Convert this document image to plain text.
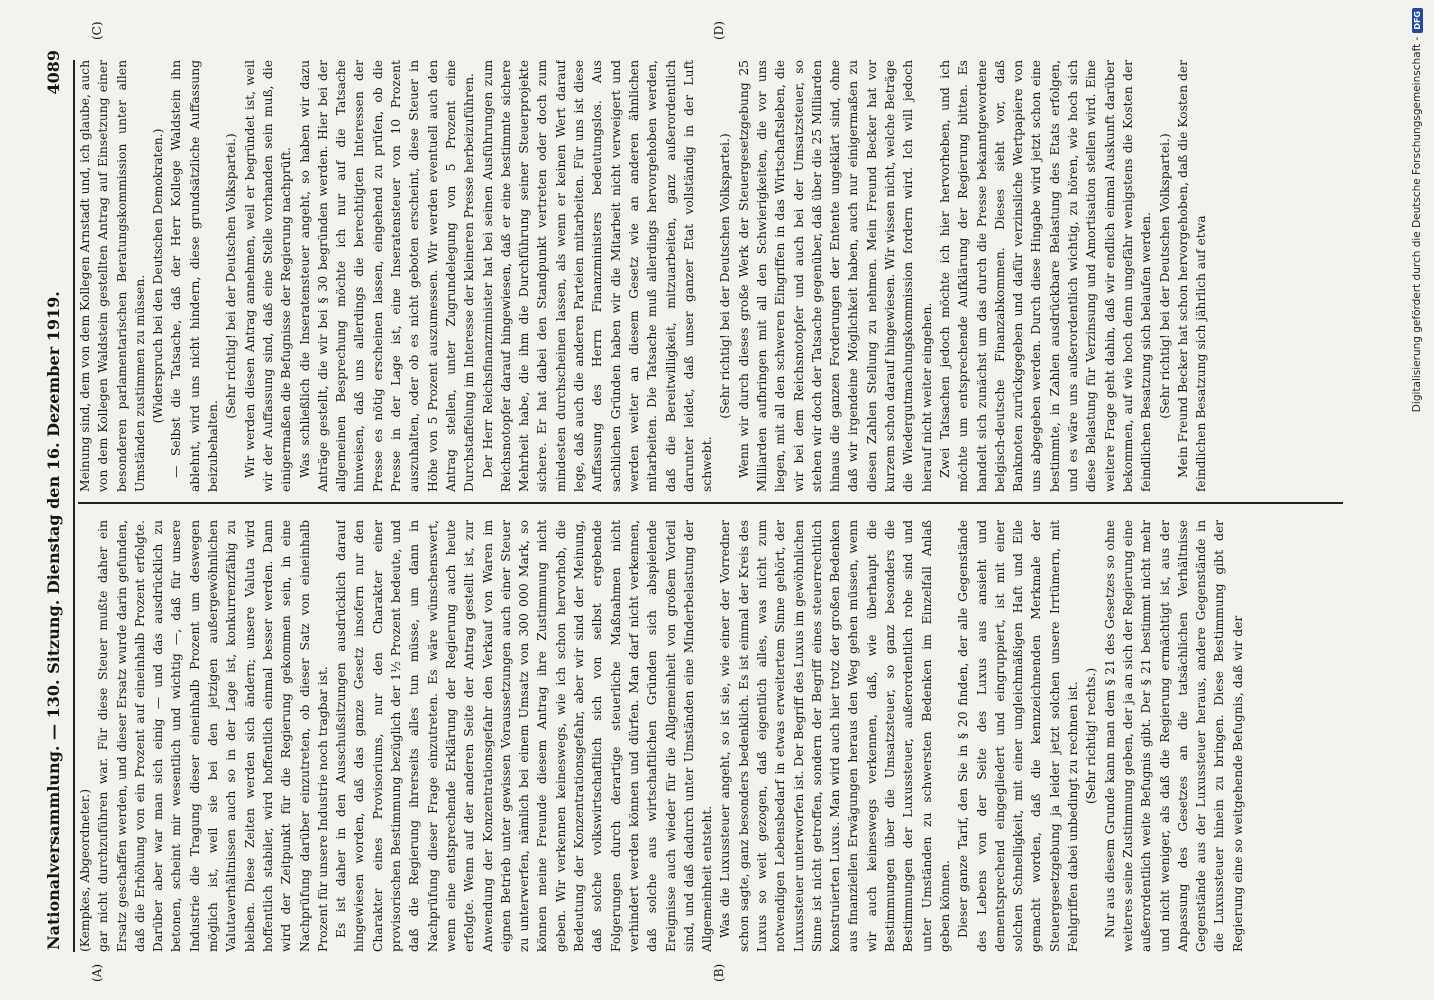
Nationalversammlung. — 130. Sitzung. Dienstag den 16. Dezember 1919.
4089

(Kempkes, Abgeordneter.) gar nicht durchzuführen war. Für diese Steuer mußte daher ein Ersatz geschaffen werden, und dieser Ersatz wurde darin gefunden, daß die Erhöhung von ein Prozent auf eineinhalb Prozent erfolgte. Darüber aber war man sich einig — und das ausdrücklich zu betonen, scheint mir wesentlich und wichtig —, daß für unsere Industrie die Tragung dieser eineinhalb Prozent um deswegen möglich ist, weil sie bei den jetzigen außergewöhnlichen Valutaverhältnissen auch so in der Lage ist, konkurrenzfähig zu bleiben. Diese Zeiten werden sich ändern; unsere Valuta wird hoffentlich stabiler, wird hoffentlich einmal besser werden. Dann wird der Zeitpunkt für die Regierung gekommen sein, in eine Nachprüfung darüber einzutreten, ob dieser Satz von eineinhalb Prozent für unsere Industrie noch tragbar ist. Es ist daher in den Ausschußsitzungen ausdrücklich darauf hingewiesen worden, daß das ganze Gesetz insofern nur den Charakter eines Provisoriums, nur den Charakter einer provisorischen Bestimmung bezüglich der 1½ Prozent bedeute, und daß die Regierung ihrerseits alles tun müsse, um dann in Nachprüfung dieser Frage einzutreten. Es wäre wünschenswert, wenn eine entsprechende Erklärung der Regierung auch heute erfolgte. Wenn auf der anderen Seite der Antrag gestellt ist, zur Anwendung der Konzentrationsgefahr den Verkauf von Waren im eignen Betrieb unter gewissen Voraussetzungen auch einer Steuer zu unterwerfen, nämlich bei einem Umsatz von 300 000 Mark, so können meine Freunde diesem Antrag ihre Zustimmung nicht geben. Wir verkennen keineswegs, wie ich schon hervorhob, die Bedeutung der Konzentrationsgefahr, aber wir sind der Meinung, daß solche volkswirtschaftlich sich von selbst ergebende Folgerungen durch derartige steuerliche Maßnahmen nicht verhindert werden können und dürfen. Man darf nicht verkennen, daß solche aus wirtschaftlichen Gründen sich abspielende Ereignisse auch wieder für die Allgemeinheit von großem Vorteil sind, und daß dadurch unter Umständen eine Minderbelastung der Allgemeinheit entsteht. Was die Luxussteuer angeht, so ist sie, wie einer der Vorredner schon sagte, ganz besonders bedenklich. Es ist einmal der Kreis des Luxus so weit gezogen, daß eigentlich alles, was nicht zum notwendigen Lebensbedarf in etwas erweitertem Sinne gehört, der Luxussteuer unterworfen ist. Der Begriff des Luxus im gewöhnlichen Sinne ist nicht getroffen, sondern der Begriff eines steuerrechtlich konstruierten Luxus. Man wird auch hier trotz der großen Bedenken aus finanziellen Erwägungen heraus den Weg gehen müssen, wenn wir auch keineswegs verkennen, daß, wie überhaupt die Bestimmungen über die Umsatzsteuer, so ganz besonders die Bestimmungen der Luxussteuer, außerordentlich rohe sind und unter Umständen zu schwersten Bedenken im Einzelfall Anlaß geben können. Dieser ganze Tarif, den Sie in § 20 finden, der alle Gegenstände des Lebens von der Seite des Luxus aus ansieht und dementsprechend eingegliedert und eingruppiert, ist mit einer solchen Schnelligkeit, mit einer ungleichmäßigen Haft und Eile gemacht worden, daß die kennzeichnenden Merkmale der Steuergesetzgebung ja leider jetzt solchen unsere Irrtümern, mit Fehlgriffen dabei unbedingt zu rechnen ist. (Sehr richtig! rechts.) Nur aus diesem Grunde kann man dem § 21 des Gesetzes so ohne weiteres seine Zustimmung geben, der ja an sich der Regierung eine außerordentlich weite Befugnis gibt. Der § 21 bestimmt nicht mehr und nicht weniger, als daß die Regierung ermächtigt ist, aus der Anpassung des Gesetzes an die tatsächlichen Verhältnisse Gegenstände aus der Luxussteuer heraus, andere Gegenstände in die Luxussteuer hinein zu bringen. Diese Bestimmung gibt der Regierung eine so weitgehende Befugnis, daß wir der

Meinung sind, dem von dem Kollegen Arnstadt und, ich glaube, auch von dem Kollegen Waldstein gestellten Antrag auf Einsetzung einer besonderen parlamentarischen Beratungskommission unter allen Umständen zustimmen zu müssen. (Widerspruch bei den Deutschen Demokraten.) — Selbst die Tatsache, daß der Herr Kollege Waldstein ihn ablehnt, wird uns nicht hindern, diese grundsätzliche Auffassung beizubehalten.

(Sehr richtig! bei der Deutschen Volkspartei.) Wir werden diesen Antrag annehmen, weil er begründet ist, weil wir der Auffassung sind, daß eine Stelle vorhanden sein muß, die einigermaßen die Befugnisse der Regierung nachprüft. Was schließlich die Inseratensteuer angeht, so haben wir dazu Anträge gestellt, die wir bei § 30 begründen werden. Hier bei der allgemeinen Besprechung möchte ich nur auf die Tatsache hinweisen, daß uns allerdings die berechtigten Interessen der Presse es nötig erscheinen lassen, eingehend zu prüfen, ob die Presse in der Lage ist, eine Inseratensteuer von 10 Prozent auszuhalten, oder ob es nicht geboten erscheint, diese Steuer in Höhe von 5 Prozent auszumessen. Wir werden eventuell auch den Antrag stellen, unter Zugrundelegung von 5 Prozent eine Durchstaffelung im Interesse der kleineren Presse herbeizuführen. Der Herr Reichsfinanzminister hat bei seinen Ausführungen zum Reichsnotopfer darauf hingewiesen, daß er eine bestimmte sichere Mehrheit habe, die ihm die Durchführung seiner Steuerprojekte sichere. Er hat dabei den Standpunkt vertreten oder doch zum mindesten durchscheinen lassen, als wenn er keinen Wert darauf lege, daß auch die anderen Parteien mitarbeiten. Für uns ist diese Auffassung des Herrn Finanzministers bedeutungslos. Aus sachlichen Gründen haben wir die Mitarbeit nicht verweigert und werden weiter an diesem Gesetz wie an anderen ähnlichen mitarbeiten. Die Tatsache muß allerdings hervorgehoben werden, daß die Bereitwilligkeit, mitzuarbeiten, ganz außerordentlich darunter leidet, daß unser ganzer Etat vollständig in der Luft schwebt.

(Sehr richtig! bei der Deutschen Volkspartei.) Wenn wir durch dieses große Werk der Steuergesetzgebung 25 Milliarden aufbringen mit all den Schwierigkeiten, die vor uns liegen, mit all den schweren Eingriffen in das Wirtschaftsleben, die wir bei dem Reichsnotopfer und auch bei der Umsatzsteuer, so stehen wir doch der Tatsache gegenüber, daß über die 25 Milliarden hinaus die ganzen Forderungen der Entente ungeklärt sind, ohne daß wir irgendeine Möglichkeit haben, auch nur einigermaßen zu diesen Zahlen Stellung zu nehmen. Mein Freund Becker hat vor kurzem schon darauf hingewiesen. Wir wissen nicht, welche Beträge die Wiedergutmachungskommission fordern wird. Ich will jedoch hierauf nicht weiter eingehen. Zwei Tatsachen jedoch möchte ich hier hervorheben, und ich möchte um entsprechende Aufklärung der Regierung bitten. Es handelt sich zunächst um das durch die Presse bekanntgewordene belgisch-deutsche Finanzabkommen. Dieses sieht vor, daß Banknoten zurückgegeben und dafür verzinsliche Wertpapiere von uns abgegeben werden. Durch diese Hingabe wird jetzt schon eine bestimmte, in Zahlen ausdrückbare Belastung des Etats erfolgen, und es wäre uns außerordentlich wichtig, zu hören, wie hoch sich diese Belastung für Verzinsung und Amortisation stellen wird. Eine weitere Frage geht dahin, daß wir endlich einmal Auskunft darüber bekommen, auf wie hoch denn ungefähr wenigstens die Kosten der feindlichen Besatzung sich belaufen werden. (Sehr richtig! bei der Deutschen Volkspartei.) Mein Freund Becker hat schon hervorgehoben, daß die Kosten der feindlichen Besatzung sich jährlich auf etwa

(A)	(B)
(C)	(D)
Digitalisierung gefördert durch die Deutsche Forschungsgemeinschaft -
DFG
